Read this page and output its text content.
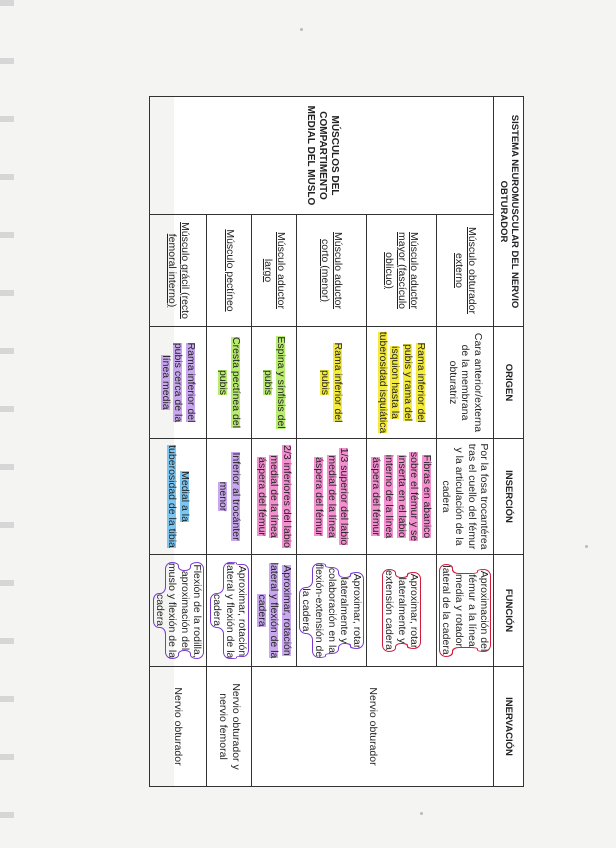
SISTEMA NEUROMUSCULAR DEL NERVIO OBTURADOR		ORIGEN	INSERCIÓN	FUNCIÓN	INERVACIÓN
MÚSCULOS DEL COMPARTIMENTO MEDIAL DEL MUSLO	Músculo obturador externo	Cara anterior/externa de la membrana obturatriz	Por la fosa trocantérea tras el cuello del fémur y la articulación de la cadera	Aproximación del fémur a la línea media y rotador lateral de la cadera	Nervio obturador
	Músculo aductor mayor (fascículo oblicuo)	Rama inferior del pubis y rama del isquion hasta la tuberosidad isquiática	Fibras en abanico sobre el fémur y se inserta en el labio interno de la línea áspera del fémur	Aproximar, rotar lateralmente y extensión cadera	
	Músculo aductor corto (menor)	Rama inferior del pubis	1/3 superior del labio medial de la línea áspera del fémur	Aproximar, rotar lateralmente y colaboración en la flexión-extensión de la cadera	
	Músculo aductor largo	Espina y sínfisis del pubis	2/3 inferiores del labio medial de la línea áspera del fémur	Aproximar, rotación lateral y flexión de la cadera	
	Músculo pectíneo	Cresta pectínea del pubis	Inferior al trocánter menor	Aproximar, rotación lateral y flexión de la cadera	Nervio obturador y nervio femoral
	Músculo grácil (recto femoral interno)	Rama inferior del pubis cerca de la línea media	Medial a la tuberosidad de la tibia	Flexión de la rodilla, aproximación del muslo y flexión de la cadera	Nervio obturador
